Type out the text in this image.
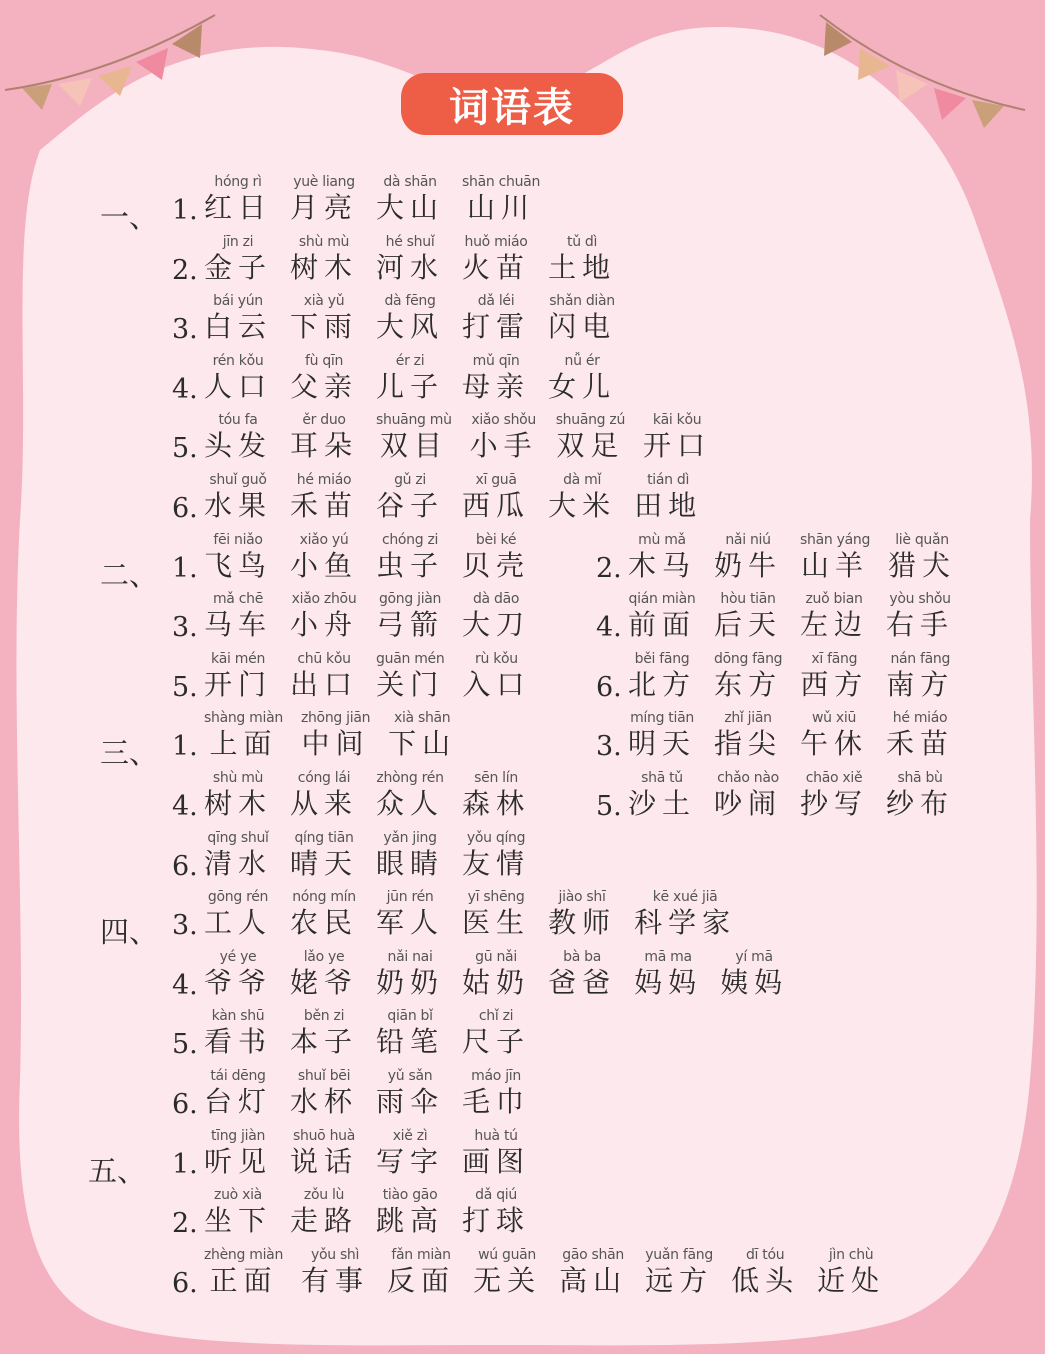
词语表
一、 1.
hóng rì
红日
yuè liang
月亮
dà shān
大山
shān chuān
山川
2.
jīn zi
金子
shù mù
树木
hé shuǐ
河水
huǒ miáo
火苗
tǔ dì
土地
3.
bái yún
白云
xià yǔ
下雨
dà fēng
大风
dǎ léi
打雷
shǎn diàn
闪电
4.
rén kǒu
人口
fù qīn
父亲
ér zi
儿子
mǔ qīn
母亲
nǚ ér
女儿
5.
tóu fa
头发
ěr duo
耳朵
shuāng mù
双目
xiǎo shǒu
小手
shuāng zú
双足
kāi kǒu
开口
6.
shuǐ guǒ
水果
hé miáo
禾苗
gǔ zi
谷子
xī guā
西瓜
dà mǐ
大米
tián dì
田地
二、 1.
fēi niǎo
飞鸟
xiǎo yú
小鱼
chóng zi
虫子
bèi ké
贝壳
3.
mǎ chē
马车
xiǎo zhōu
小舟
gōng jiàn
弓箭
dà dāo
大刀
5.
kāi mén
开门
chū kǒu
出口
guān mén
关门
rù kǒu
入口
2.
mù mǎ
木马
nǎi niú
奶牛
shān yáng
山羊
liè quǎn
猎犬
4.
qián miàn
前面
hòu tiān
后天
zuǒ bian
左边
yòu shǒu
右手
6.
běi fāng
北方
dōng fāng
东方
xī fāng
西方
nán fāng
南方
三、 1.
shàng miàn
上面
zhōng jiān
中间
xià shān
下山
4.
shù mù
树木
cóng lái
从来
zhòng rén
众人
sēn lín
森林
6.
qīng shuǐ
清水
qíng tiān
晴天
yǎn jing
眼睛
yǒu qíng
友情
3.
míng tiān
明天
zhǐ jiān
指尖
wǔ xiū
午休
hé miáo
禾苗
5.
shā tǔ
沙土
chǎo nào
吵闹
chāo xiě
抄写
shā bù
纱布
四、 3.
gōng rén
工人
nóng mín
农民
jūn rén
军人
yī shēng
医生
jiào shī
教师
kē xué jiā
科学家
4.
yé ye
爷爷
lǎo ye
姥爷
nǎi nai
奶奶
gū nǎi
姑奶
bà ba
爸爸
mā ma
妈妈
yí mā
姨妈
5.
kàn shū
看书
běn zi
本子
qiān bǐ
铅笔
chǐ zi
尺子
6.
tái dēng
台灯
shuǐ bēi
水杯
yǔ sǎn
雨伞
máo jīn
毛巾
五、 1.
tīng jiàn
听见
shuō huà
说话
xiě zì
写字
huà tú
画图
2.
zuò xià
坐下
zǒu lù
走路
tiào gāo
跳高
dǎ qiú
打球
6.
zhèng miàn
正面
yǒu shì
有事
fǎn miàn
反面
wú guān
无关
gāo shān
高山
yuǎn fāng
远方
dī tóu
低头
jìn chù
近处
